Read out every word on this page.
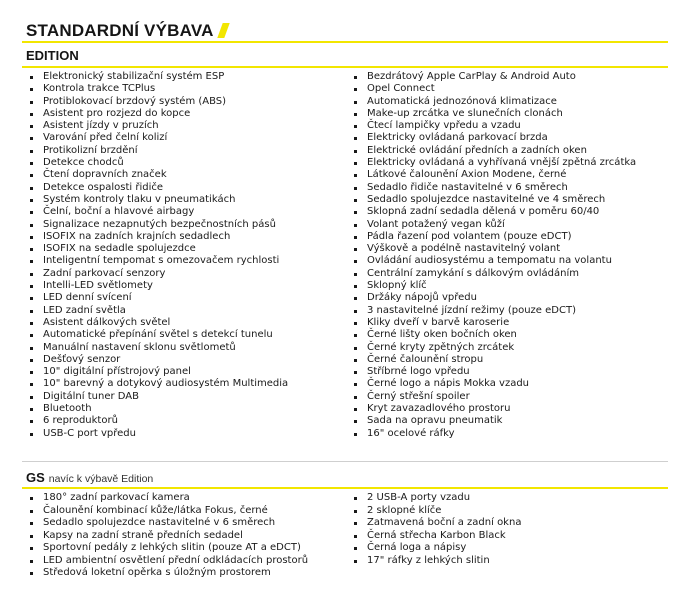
STANDARDNÍ VÝBAVA
EDITION
Elektronický stabilizační systém ESP
Kontrola trakce TCPlus
Protiblokovací brzdový systém (ABS)
Asistent pro rozjezd do kopce
Asistent jízdy v pruzích
Varování před čelní kolizí
Protikolizní brzdění
Detekce chodců
Čtení dopravních značek
Detekce ospalosti řidiče
Systém kontroly tlaku v pneumatikách
Čelní, boční a hlavové airbagy
Signalizace nezapnutých bezpečnostních pásů
ISOFIX na zadních krajních sedadlech
ISOFIX na sedadle spolujezdce
Inteligentní tempomat s omezovačem rychlosti
Zadní parkovací senzory
Intelli-LED světlomety
LED denní svícení
LED zadní světla
Asistent dálkových světel
Automatické přepínání světel s detekcí tunelu
Manuální nastavení sklonu světlometů
Dešťový senzor
10" digitální přístrojový panel
10" barevný a dotykový audiosystém Multimedia
Digitální tuner DAB
Bluetooth
6 reproduktorů
USB-C port vpředu
Bezdrátový Apple CarPlay & Android Auto
Opel Connect
Automatická jednozónová klimatizace
Make-up zrcátka ve slunečních clonách
Čtecí lampičky vpředu a vzadu
Elektricky ovládaná parkovací brzda
Elektrické ovládání předních a zadních oken
Elektricky ovládaná a vyhřívaná vnější zpětná zrcátka
Látkové čalounění Axion Modene, černé
Sedadlo řidiče nastavitelné v 6 směrech
Sedadlo spolujezdce nastavitelné ve 4 směrech
Sklopná zadní sedadla dělená v poměru 60/40
Volant potažený vegan kůží
Pádla řazení pod volantem (pouze eDCT)
Výškově a podélně nastavitelný volant
Ovládání audiosystému a tempomatu na volantu
Centrální zamykání s dálkovým ovládáním
Sklopný klíč
Držáky nápojů vpředu
3 nastavitelné jízdní režimy (pouze eDCT)
Kliky dveří v barvě karoserie
Černé lišty oken bočních oken
Černé kryty zpětných zrcátek
Černé čalounění stropu
Stříbrné logo vpředu
Černé logo a nápis Mokka vzadu
Černý střešní spoiler
Kryt zavazadlového prostoru
Sada na opravu pneumatik
16" ocelové ráfky
GS navíc k výbavě Edition
180° zadní parkovací kamera
Čalounění kombinací kůže/látka Fokus, černé
Sedadlo spolujezdce nastavitelné v 6 směrech
Kapsy na zadní straně předních sedadel
Sportovní pedály z lehkých slitin (pouze AT a eDCT)
LED ambientní osvětlení přední odkládacích prostorů
Středová loketní opěrka s úložným prostorem
2 USB-A porty vzadu
2 sklopné klíče
Zatmavená boční a zadní okna
Černá střecha Karbon Black
Černá loga a nápisy
17" ráfky z lehkých slitin
